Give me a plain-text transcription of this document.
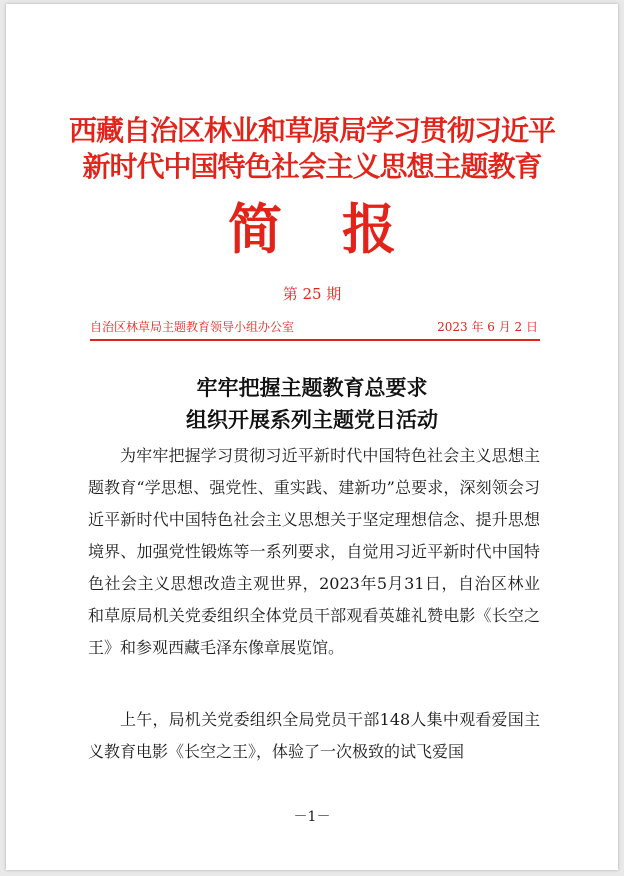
西藏自治区林业和草原局学习贯彻习近平
新时代中国特色社会主义思想主题教育
简报
第 25 期
自治区林草局主题教育领导小组办公室	2023 年 6 月 2 日
牢牢把握主题教育总要求
组织开展系列主题党日活动

为牢牢把握学习贯彻习近平新时代中国特色社会主义思想主题教育“学思想、强党性、重实践、建新功”总要求，深刻领会习近平新时代中国特色社会主义思想关于坚定理想信念、提升思想境界、加强党性锻炼等一系列要求，自觉用习近平新时代中国特色社会主义思想改造主观世界，2023年5月31日，自治区林业和草原局机关党委组织全体党员干部观看英雄礼赞电影《长空之王》和参观西藏毛泽东像章展览馆。

上午，局机关党委组织全局党员干部148人集中观看爱国主义教育电影《长空之王》，体验了一次极致的试飞爱国

－1－
